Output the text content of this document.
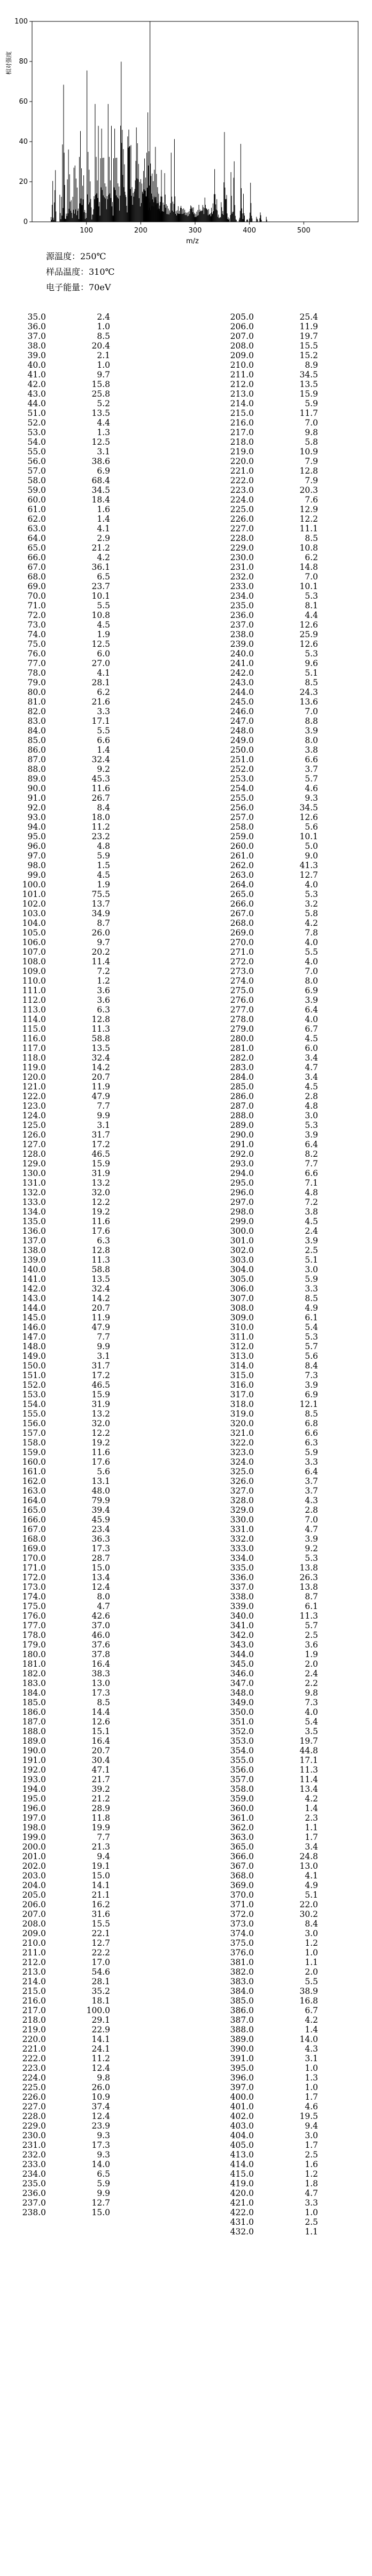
100	200	300	400	500
0
20
40
60
80
100
相对强度
m/z
源温度：250℃
样品温度：310℃
电子能量：70eV
35.0	2.4
36.0	1.0
37.0	8.5
38.0	20.4
39.0	2.1
40.0	1.0
41.0	9.7
42.0	15.8
43.0	25.8
44.0	5.2
51.0	13.5
52.0	4.4
53.0	1.3
54.0	12.5
55.0	3.1
56.0	38.6
57.0	6.9
58.0	68.4
59.0	34.5
60.0	18.4
61.0	1.6
62.0	1.4
63.0	4.1
64.0	2.9
65.0	21.2
66.0	4.2
67.0	36.1
68.0	6.5
69.0	23.7
70.0	10.1
71.0	5.5
72.0	10.8
73.0	4.5
74.0	1.9
75.0	12.5
76.0	6.0
77.0	27.0
78.0	4.1
79.0	28.1
80.0	6.2
81.0	21.6
82.0	3.3
83.0	17.1
84.0	5.5
85.0	6.6
86.0	1.4
87.0	32.4
88.0	9.2
89.0	45.3
90.0	11.6
91.0	26.7
92.0	8.4
93.0	18.0
94.0	11.2
95.0	23.2
96.0	4.8
97.0	5.9
98.0	1.5
99.0	4.5
100.0	1.9
101.0	75.5
102.0	13.7
103.0	34.9
104.0	8.7
105.0	26.0
106.0	9.7
107.0	20.2
108.0	11.4
109.0	7.2
110.0	1.2
111.0	3.6
112.0	3.6
113.0	6.3
114.0	12.8
115.0	11.3
116.0	58.8
117.0	13.5
118.0	32.4
119.0	14.2
120.0	20.7
121.0	11.9
122.0	47.9
123.0	7.7
124.0	9.9
125.0	3.1
126.0	31.7
127.0	17.2
128.0	46.5
129.0	15.9
130.0	31.9
131.0	13.2
132.0	32.0
133.0	12.2
134.0	19.2
135.0	11.6
136.0	17.6
137.0	6.3
138.0	12.8
139.0	11.3
140.0	58.8
141.0	13.5
142.0	32.4
143.0	14.2
144.0	20.7
145.0	11.9
146.0	47.9
147.0	7.7
148.0	9.9
149.0	3.1
150.0	31.7
151.0	17.2
152.0	46.5
153.0	15.9
154.0	31.9
155.0	13.2
156.0	32.0
157.0	12.2
158.0	19.2
159.0	11.6
160.0	17.6
161.0	5.6
162.0	13.1
163.0	48.0
164.0	79.9
165.0	39.4
166.0	45.9
167.0	23.4
168.0	36.3
169.0	17.3
170.0	28.7
171.0	15.0
172.0	13.4
173.0	12.4
174.0	8.0
175.0	4.7
176.0	42.6
177.0	37.0
178.0	46.0
179.0	37.6
180.0	37.8
181.0	16.4
182.0	38.3
183.0	13.0
184.0	17.3
185.0	8.5
186.0	14.4
187.0	12.6
188.0	15.1
189.0	16.4
190.0	20.7
191.0	30.4
192.0	47.1
193.0	21.7
194.0	39.2
195.0	21.2
196.0	28.9
197.0	11.8
198.0	19.9
199.0	7.7
200.0	21.3
201.0	9.4
202.0	19.1
203.0	15.0
204.0	14.1
205.0	21.1
206.0	16.2
207.0	31.6
208.0	15.5
209.0	22.1
210.0	12.7
211.0	22.2
212.0	17.0
213.0	54.6
214.0	28.1
215.0	35.2
216.0	18.1
217.0	100.0
218.0	29.1
219.0	22.9
220.0	14.1
221.0	24.1
222.0	11.2
223.0	12.4
224.0	9.8
225.0	26.0
226.0	10.9
227.0	37.4
228.0	12.4
229.0	23.9
230.0	9.3
231.0	17.3
232.0	9.3
233.0	14.0
234.0	6.5
235.0	5.9
236.0	9.9
237.0	12.7
238.0	15.0
205.0	25.4
206.0	11.9
207.0	19.7
208.0	15.5
209.0	15.2
210.0	8.9
211.0	34.5
212.0	13.5
213.0	15.9
214.0	5.9
215.0	11.7
216.0	7.0
217.0	9.8
218.0	5.8
219.0	10.9
220.0	7.9
221.0	12.8
222.0	7.9
223.0	20.3
224.0	7.6
225.0	12.9
226.0	12.2
227.0	11.1
228.0	8.5
229.0	10.8
230.0	6.2
231.0	14.8
232.0	7.0
233.0	10.1
234.0	5.3
235.0	8.1
236.0	4.4
237.0	12.6
238.0	25.9
239.0	12.6
240.0	5.3
241.0	9.6
242.0	5.1
243.0	8.5
244.0	24.3
245.0	13.6
246.0	7.0
247.0	8.8
248.0	3.9
249.0	8.0
250.0	3.8
251.0	6.6
252.0	3.7
253.0	5.7
254.0	4.6
255.0	9.3
256.0	34.5
257.0	12.6
258.0	5.6
259.0	10.1
260.0	5.0
261.0	9.0
262.0	41.3
263.0	12.7
264.0	4.0
265.0	5.3
266.0	3.2
267.0	5.8
268.0	4.2
269.0	7.8
270.0	4.0
271.0	5.5
272.0	4.0
273.0	7.0
274.0	8.0
275.0	6.9
276.0	3.9
277.0	6.4
278.0	4.0
279.0	6.7
280.0	4.5
281.0	6.0
282.0	3.4
283.0	4.7
284.0	3.4
285.0	4.5
286.0	2.8
287.0	4.8
288.0	3.0
289.0	5.3
290.0	3.9
291.0	6.4
292.0	8.2
293.0	7.7
294.0	6.6
295.0	7.1
296.0	4.8
297.0	7.2
298.0	3.8
299.0	4.5
300.0	2.4
301.0	3.9
302.0	2.5
303.0	5.1
304.0	3.0
305.0	5.9
306.0	3.3
307.0	8.5
308.0	4.9
309.0	6.1
310.0	5.4
311.0	5.3
312.0	5.7
313.0	5.6
314.0	8.4
315.0	7.3
316.0	3.9
317.0	6.9
318.0	12.1
319.0	8.5
320.0	6.8
321.0	6.6
322.0	6.3
323.0	5.9
324.0	3.3
325.0	6.4
326.0	3.7
327.0	3.7
328.0	4.3
329.0	2.8
330.0	7.0
331.0	4.7
332.0	3.9
333.0	9.2
334.0	5.3
335.0	13.8
336.0	26.3
337.0	13.8
338.0	8.7
339.0	6.1
340.0	11.3
341.0	5.7
342.0	2.5
343.0	3.6
344.0	1.9
345.0	2.0
346.0	2.4
347.0	2.2
348.0	9.8
349.0	7.3
350.0	4.0
351.0	5.4
352.0	3.5
353.0	19.7
354.0	44.8
355.0	17.1
356.0	11.3
357.0	11.4
358.0	13.4
359.0	4.2
360.0	1.4
361.0	2.3
362.0	1.1
363.0	1.7
365.0	3.4
366.0	24.8
367.0	13.0
368.0	4.1
369.0	4.9
370.0	5.1
371.0	22.0
372.0	30.2
373.0	8.4
374.0	3.0
375.0	1.2
376.0	1.0
381.0	1.1
382.0	2.0
383.0	5.5
384.0	38.9
385.0	16.8
386.0	6.7
387.0	4.2
388.0	1.4
389.0	14.0
390.0	4.3
391.0	3.1
395.0	1.0
396.0	1.3
397.0	1.0
400.0	1.7
401.0	4.6
402.0	19.5
403.0	9.4
404.0	3.0
405.0	1.7
413.0	2.5
414.0	1.6
415.0	1.2
419.0	1.8
420.0	4.7
421.0	3.3
422.0	1.0
431.0	2.5
432.0	1.1
